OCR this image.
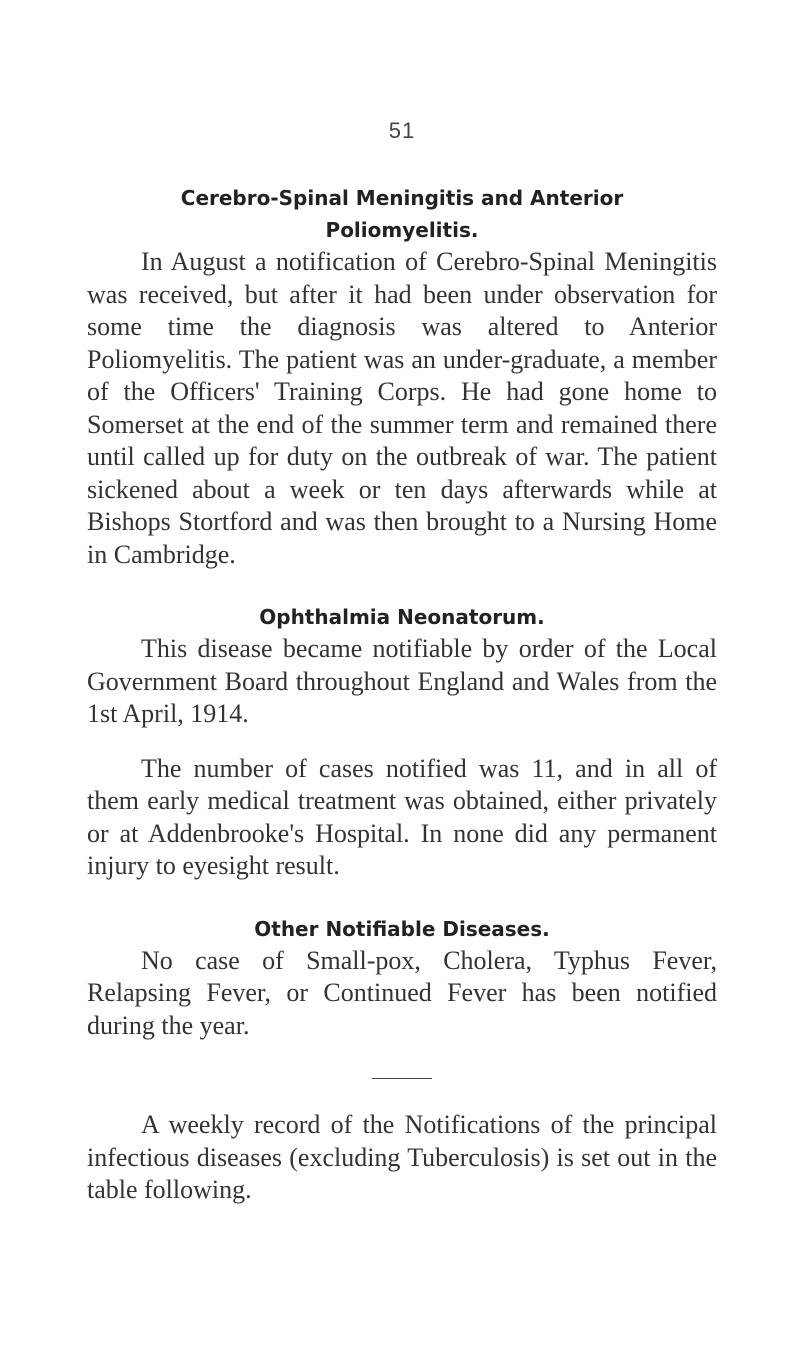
51
Cerebro-Spinal Meningitis and Anterior
Poliomyelitis.

In August a notification of Cerebro-Spinal Meningitis was received, but after it had been under observation for some time the diagnosis was altered to Anterior Poliomyelitis. The patient was an under-graduate, a member of the Officers' Training Corps. He had gone home to Somerset at the end of the summer term and remained there until called up for duty on the outbreak of war. The patient sickened about a week or ten days afterwards while at Bishops Stortford and was then brought to a Nursing Home in Cambridge.

Ophthalmia Neonatorum.

This disease became notifiable by order of the Local Government Board throughout England and Wales from the 1st April, 1914.

The number of cases notified was 11, and in all of them early medical treatment was obtained, either privately or at Addenbrooke's Hospital. In none did any permanent injury to eyesight result.

Other Notifiable Diseases.

No case of Small-pox, Cholera, Typhus Fever, Relapsing Fever, or Continued Fever has been notified during the year.

A weekly record of the Notifications of the principal infectious diseases (excluding Tuberculosis) is set out in the table following.
